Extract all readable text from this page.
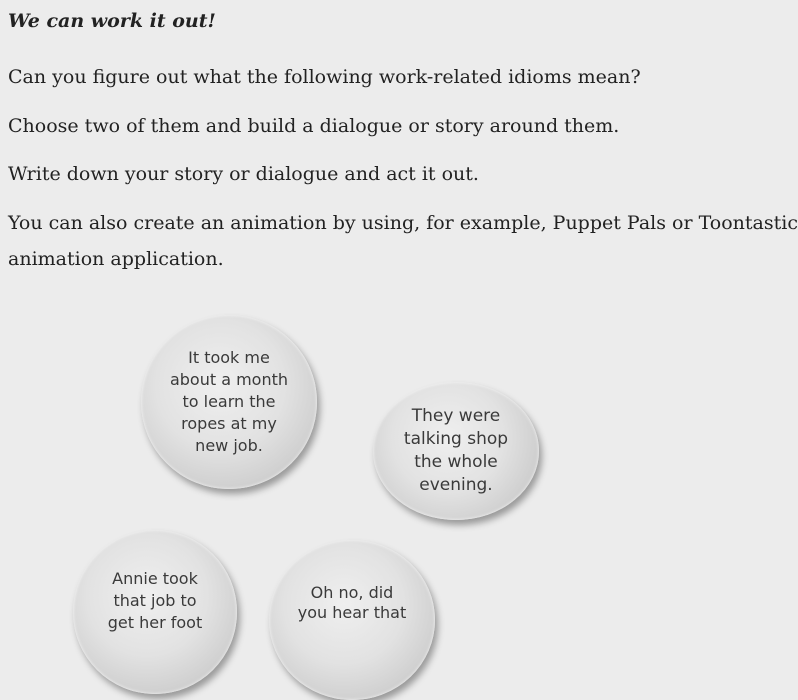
We can work it out!

Can you figure out what the following work-related idioms mean?

Choose two of them and build a dialogue or story around them.

Write down your story or dialogue and act it out.

You can also create an animation by using, for example, Puppet Pals or Toontastic

animation application.

It took me
about a month
to learn the
ropes at my
new job.
They were
talking shop
the whole
evening.
Annie took
that job to
get her foot
Oh no, did
you hear that
